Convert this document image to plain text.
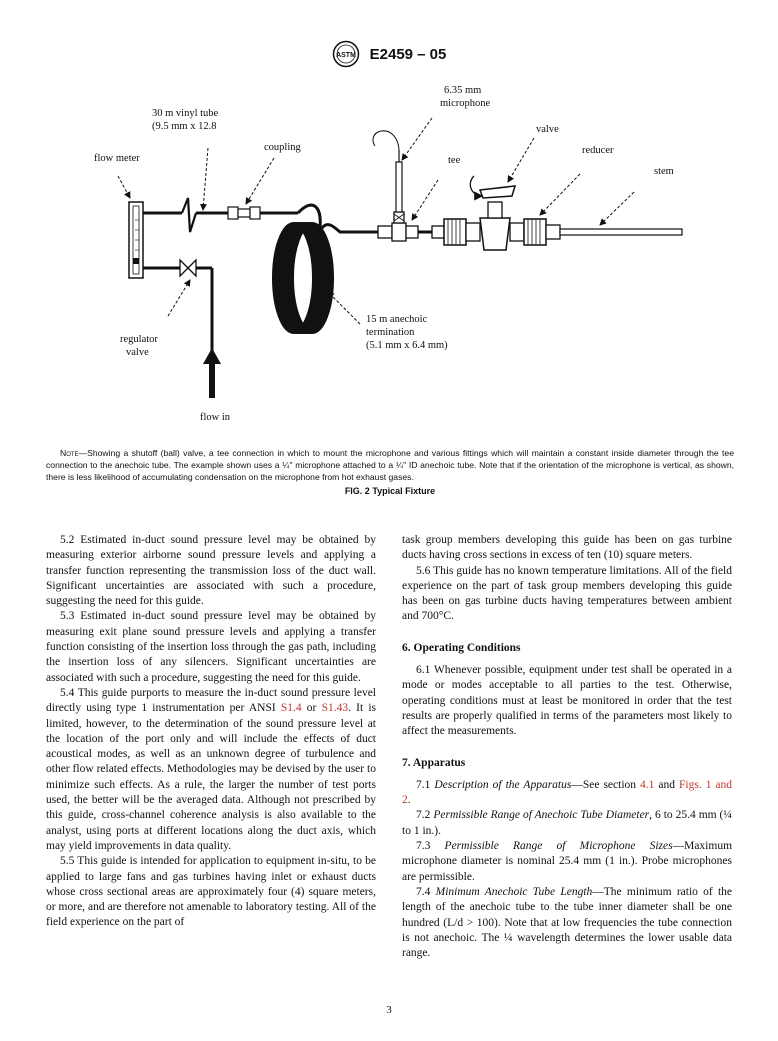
ASTM E2459 – 05
6.35 mm
microphone
30 m vinyl tube
(9.5 mm x 12.8
coupling
flow meter
valve
reducer
tee
stem
15 m anechoic
termination
(5.1 mm x 6.4 mm)
regulator
valve
flow in
Note—Showing a shutoff (ball) valve, a tee connection in which to mount the microphone and various fittings which will maintain a constant inside diameter through the tee connection to the anechoic tube. The example shown uses a ¼" microphone attached to a ¼" ID anechoic tube. Note that if the orientation of the microphone is vertical, as shown, there is less likelihood of accumulating condensation on the microphone from hot exhaust gases.
FIG. 2 Typical Fixture

5.2 Estimated in-duct sound pressure level may be obtained by measuring exterior airborne sound pressure levels and applying a transfer function representing the transmission loss of the duct wall. Significant uncertainties are associated with such a procedure, suggesting the need for this guide.

5.3 Estimated in-duct sound pressure level may be obtained by measuring exit plane sound pressure levels and applying a transfer function consisting of the insertion loss through the gas path, including the insertion loss of any silencers. Significant uncertainties are associated with such a procedure, suggesting the need for this guide.

5.4 This guide purports to measure the in-duct sound pressure level directly using type 1 instrumentation per ANSI S1.4 or S1.43. It is limited, however, to the determination of the sound pressure level at the location of the port only and will include the effects of duct acoustical modes, as well as an unknown degree of turbulence and other flow related effects. Methodologies may be devised by the user to minimize such effects. As a rule, the larger the number of test ports used, the better will be the averaged data. Although not prescribed by this guide, cross-channel coherence analysis is also available to the analyst, using ports at different locations along the duct axis, which may yield improvements in data quality.

5.5 This guide is intended for application to equipment in-situ, to be applied to large fans and gas turbines having inlet or exhaust ducts whose cross sectional areas are approximately four (4) square meters, or more, and are therefore not amenable to laboratory testing. All of the field experience on the part of

task group members developing this guide has been on gas turbine ducts having cross sections in excess of ten (10) square meters.

5.6 This guide has no known temperature limitations. All of the field experience on the part of task group members developing this guide has been on gas turbine ducts having temperatures between ambient and 700°C.

6. Operating Conditions

6.1 Whenever possible, equipment under test shall be operated in a mode or modes acceptable to all parties to the test. Otherwise, operating conditions must at least be monitored in order that the test results are properly qualified in terms of the parameters most likely to affect the measurements.

7. Apparatus

7.1 Description of the Apparatus—See section 4.1 and Figs. 1 and 2.

7.2 Permissible Range of Anechoic Tube Diameter, 6 to 25.4 mm (¼ to 1 in.).

7.3 Permissible Range of Microphone Sizes—Maximum microphone diameter is nominal 25.4 mm (1 in.). Probe microphones are permissible.

7.4 Minimum Anechoic Tube Length—The minimum ratio of the length of the anechoic tube to the tube inner diameter shall be one hundred (L/d > 100). Note that at low frequencies the tube connection is not anechoic. The ¼ wavelength determines the lower usable data range.

3
